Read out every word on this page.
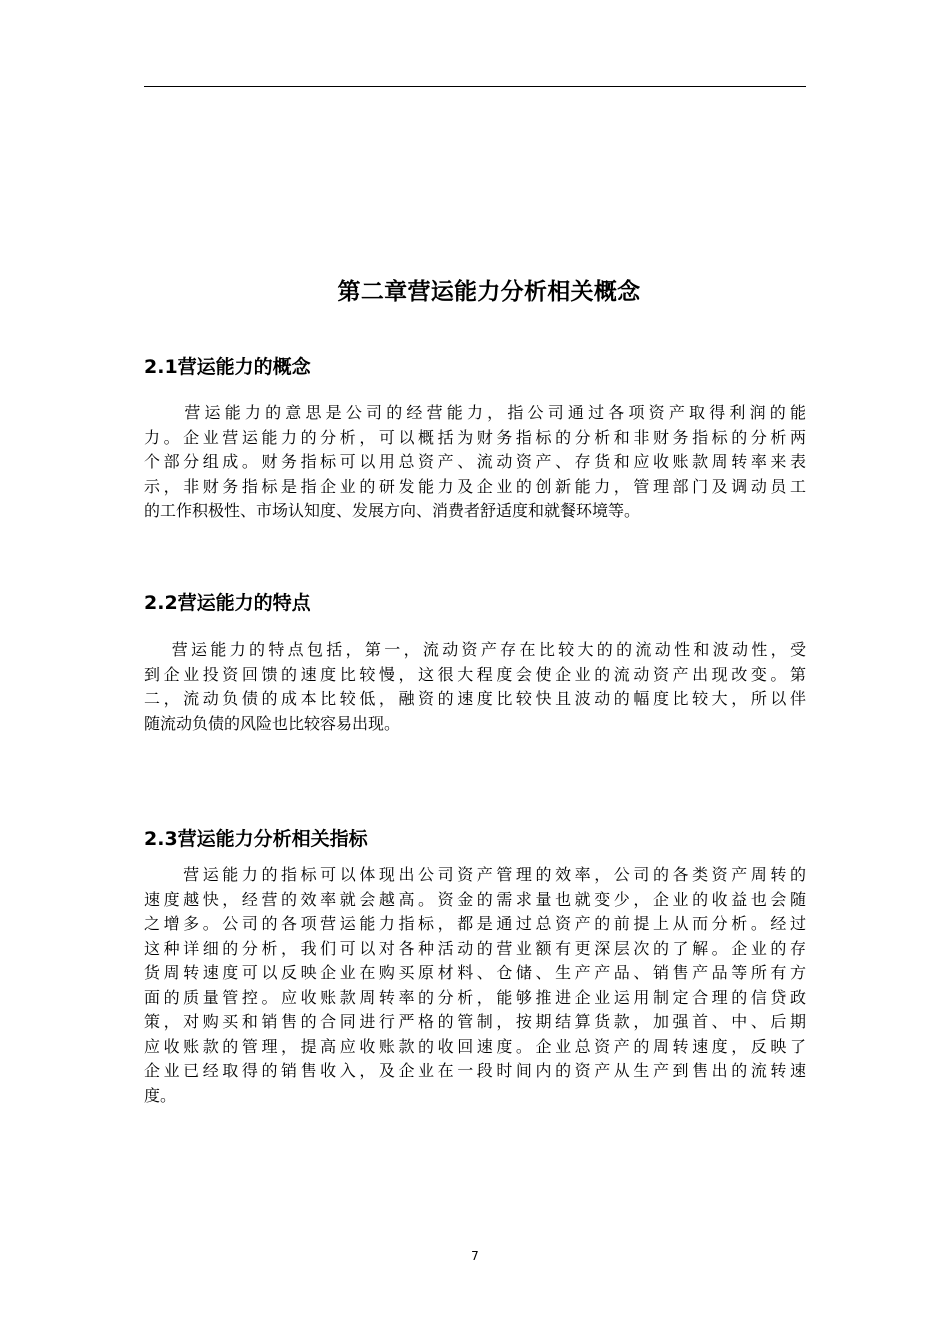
第二章营运能力分析相关概念
2.1营运能力的概念
　　营运能力的意思是公司的经营能力，指公司通过各项资产取得利润的能
力。企业营运能力的分析，可以概括为财务指标的分析和非财务指标的分析两
个部分组成。财务指标可以用总资产、流动资产、存货和应收账款周转率来表
示，非财务指标是指企业的研发能力及企业的创新能力，管理部门及调动员工
的工作积极性、市场认知度、发展方向、消费者舒适度和就餐环境等。
2.2营运能力的特点
　 营运能力的特点包括，第一，流动资产存在比较大的的流动性和波动性，受
到企业投资回馈的速度比较慢，这很大程度会使企业的流动资产出现改变。第
二，流动负债的成本比较低，融资的速度比较快且波动的幅度比较大，所以伴
随流动负债的风险也比较容易出现。
2.3营运能力分析相关指标
　　营运能力的指标可以体现出公司资产管理的效率，公司的各类资产周转的
速度越快，经营的效率就会越高。资金的需求量也就变少，企业的收益也会随
之增多。公司的各项营运能力指标，都是通过总资产的前提上从而分析。经过
这种详细的分析，我们可以对各种活动的营业额有更深层次的了解。企业的存
货周转速度可以反映企业在购买原材料、仓储、生产产品、销售产品等所有方
面的质量管控。应收账款周转率的分析，能够推进企业运用制定合理的信贷政
策，对购买和销售的合同进行严格的管制，按期结算货款，加强首、中、后期
应收账款的管理，提高应收账款的收回速度。企业总资产的周转速度，反映了
企业已经取得的销售收入，及企业在一段时间内的资产从生产到售出的流转速
度。
7
